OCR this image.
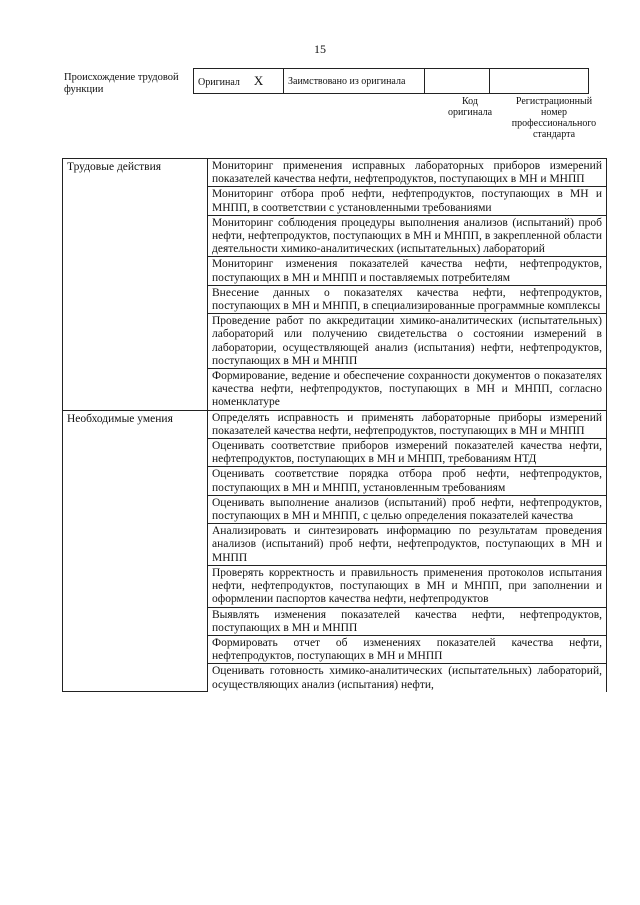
15
Происхождение трудовой функции
Оригинал X	Заимствовано из оригинала		
Код оригинала
Регистрационный номер профессионального стандарта
Трудовые действия	Мониторинг применения исправных лабораторных приборов измерений показателей качества нефти, нефтепродуктов, поступающих в МН и МНПП
	Мониторинг отбора проб нефти, нефтепродуктов, поступающих в МН и МНПП, в соответствии с установленными требованиями
	Мониторинг соблюдения процедуры выполнения анализов (испытаний) проб нефти, нефтепродуктов, поступающих в МН и МНПП, в закрепленной области деятельности химико-аналитических (испытательных) лабораторий
	Мониторинг изменения показателей качества нефти, нефтепродуктов, поступающих в МН и МНПП и поставляемых потребителям
	Внесение данных о показателях качества нефти, нефтепродуктов, поступающих в МН и МНПП, в специализированные программные комплексы
	Проведение работ по аккредитации химико-аналитических (испытательных) лабораторий или получению свидетельства о состоянии измерений в лаборатории, осуществляющей анализ (испытания) нефти, нефтепродуктов, поступающих в МН и МНПП
	Формирование, ведение и обеспечение сохранности документов о показателях качества нефти, нефтепродуктов, поступающих в МН и МНПП, согласно номенклатуре
Необходимые умения	Определять исправность и применять лабораторные приборы измерений показателей качества нефти, нефтепродуктов, поступающих в МН и МНПП
	Оценивать соответствие приборов измерений показателей качества нефти, нефтепродуктов, поступающих в МН и МНПП, требованиям НТД
	Оценивать соответствие порядка отбора проб нефти, нефтепродуктов, поступающих в МН и МНПП, установленным требованиям
	Оценивать выполнение анализов (испытаний) проб нефти, нефтепродуктов, поступающих в МН и МНПП, с целью определения показателей качества
	Анализировать и синтезировать информацию по результатам проведения анализов (испытаний) проб нефти, нефтепродуктов, поступающих в МН и МНПП
	Проверять корректность и правильность применения протоколов испытания нефти, нефтепродуктов, поступающих в МН и МНПП, при заполнении и оформлении паспортов качества нефти, нефтепродуктов
	Выявлять изменения показателей качества нефти, нефтепродуктов, поступающих в МН и МНПП
	Формировать отчет об изменениях показателей качества нефти, нефтепродуктов, поступающих в МН и МНПП
	Оценивать готовность химико-аналитических (испытательных) лабораторий, осуществляющих анализ (испытания) нефти,
